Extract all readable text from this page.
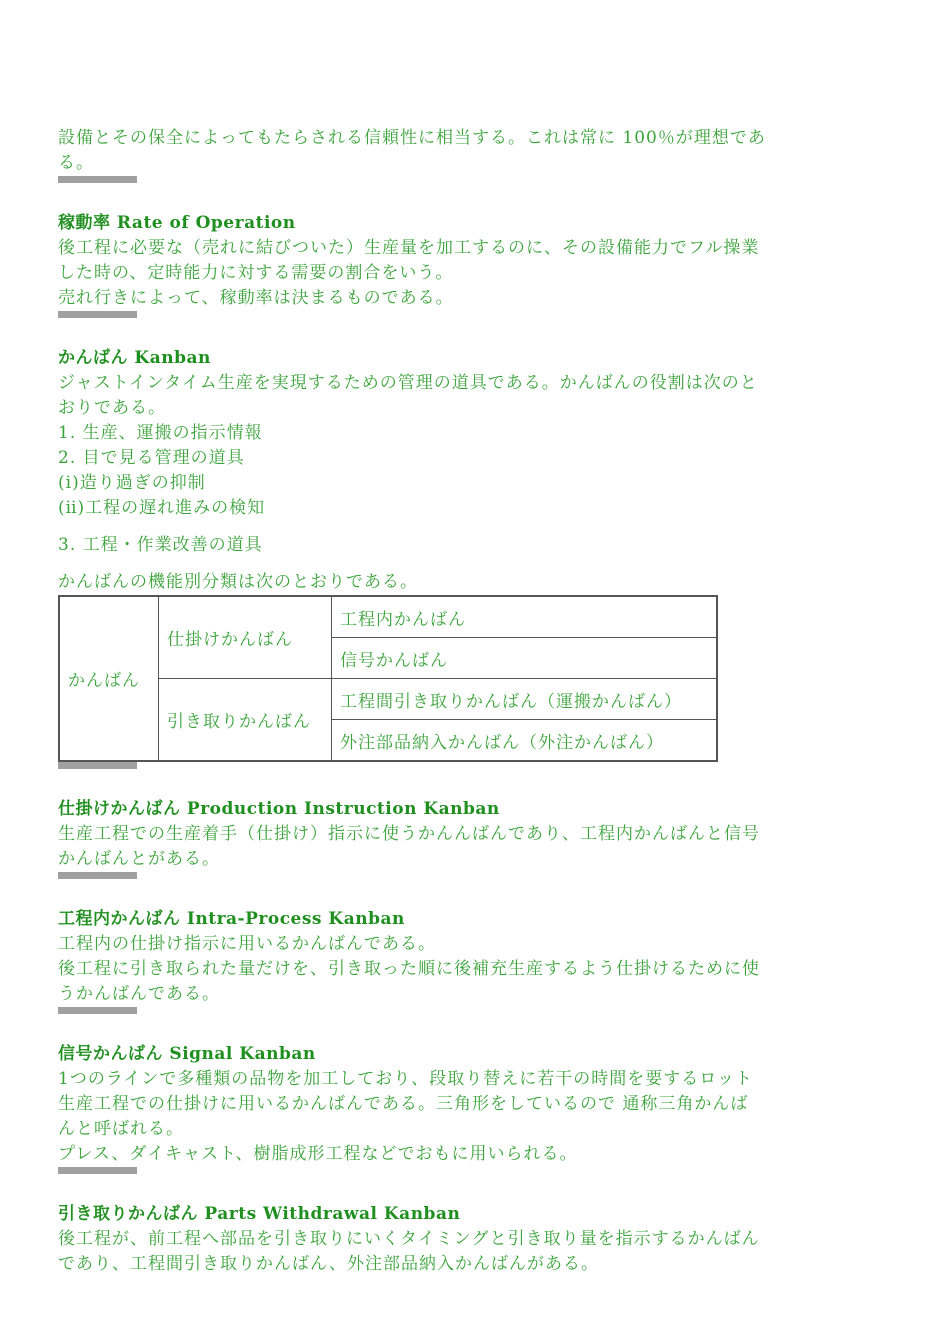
設備とその保全によってもたらされる信頼性に相当する。これは常に 100％が理想であ
る。
稼動率 Rate of Operation
後工程に必要な（売れに結びついた）生産量を加工するのに、その設備能力でフル操業
した時の、定時能力に対する需要の割合をいう。
売れ行きによって、稼動率は決まるものである。
かんばん Kanban
ジャストインタイム生産を実現するための管理の道具である。かんばんの役割は次のと
おりである。
1. 生産、運搬の指示情報
2. 目で見る管理の道具
(ⅰ)造り過ぎの抑制
(ⅱ)工程の遅れ進みの検知
3. 工程・作業改善の道具
かんばんの機能別分類は次のとおりである。
かんばん	仕掛けかんばん	工程内かんばん
		信号かんばん
	引き取りかんばん	工程間引き取りかんばん（運搬かんばん）
		外注部品納入かんばん（外注かんばん）
仕掛けかんばん Production Instruction Kanban
生産工程での生産着手（仕掛け）指示に使うかんんばんであり、工程内かんばんと信号
かんばんとがある。
工程内かんばん Intra-Process Kanban
工程内の仕掛け指示に用いるかんばんである。
後工程に引き取られた量だけを、引き取った順に後補充生産するよう仕掛けるために使
うかんばんである。
信号かんばん Signal Kanban
1つのラインで多種類の品物を加工しており、段取り替えに若干の時間を要するロット
生産工程での仕掛けに用いるかんばんである。三角形をしているので 通称三角かんば
んと呼ばれる。
プレス、ダイキャスト、樹脂成形工程などでおもに用いられる。
引き取りかんばん Parts Withdrawal Kanban
後工程が、前工程へ部品を引き取りにいくタイミングと引き取り量を指示するかんばん
であり、工程間引き取りかんばん、外注部品納入かんばんがある。
